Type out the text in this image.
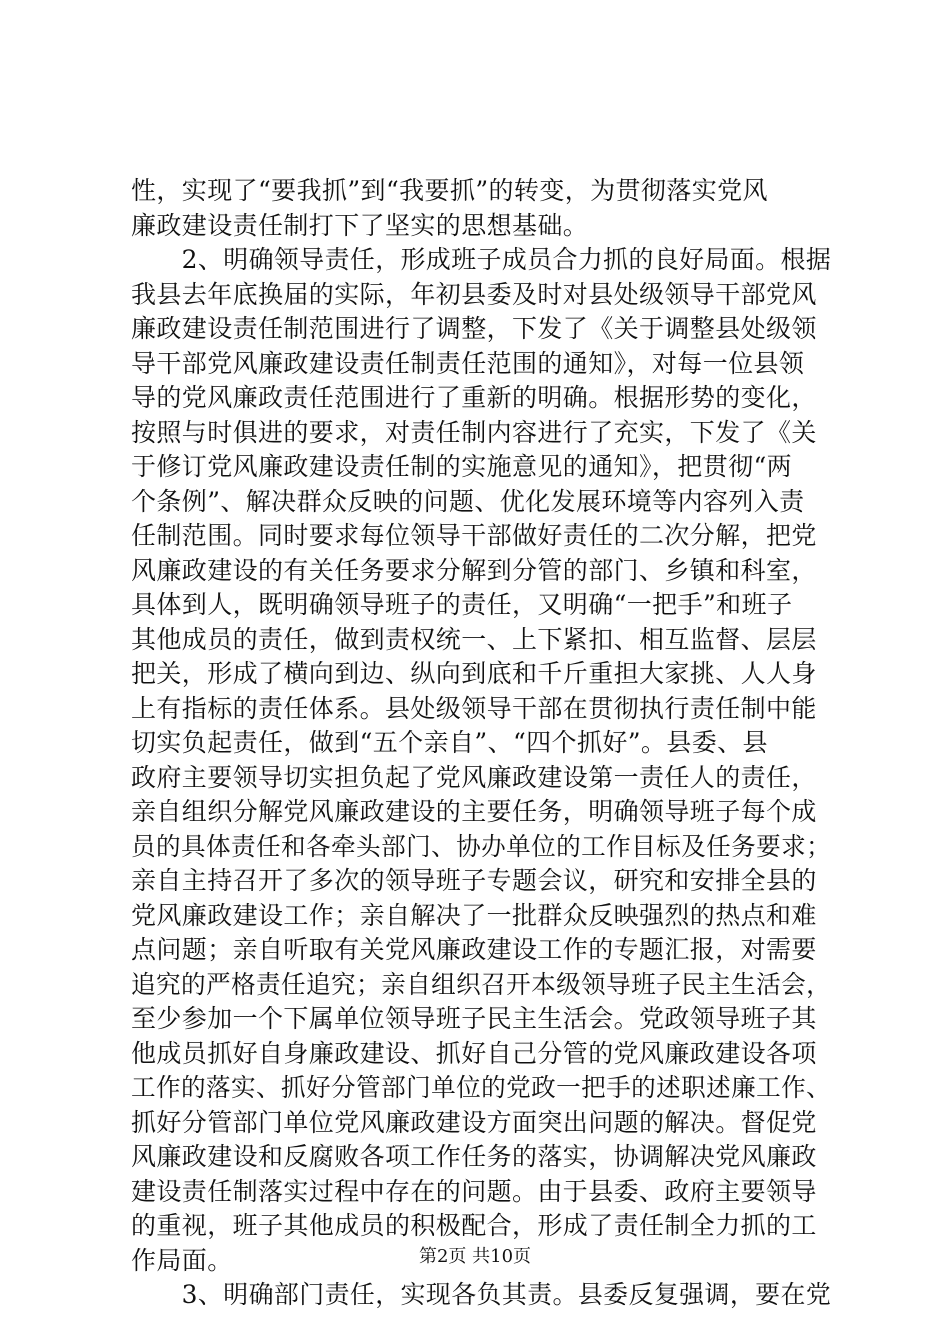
性，实现了“要我抓”到“我要抓”的转变，为贯彻落实党风
廉政建设责任制打下了坚实的思想基础。
　　2、明确领导责任，形成班子成员合力抓的良好局面。根据
我县去年底换届的实际，年初县委及时对县处级领导干部党风
廉政建设责任制范围进行了调整，下发了《关于调整县处级领
导干部党风廉政建设责任制责任范围的通知》，对每一位县领
导的党风廉政责任范围进行了重新的明确。根据形势的变化，
按照与时俱进的要求，对责任制内容进行了充实，下发了《关
于修订党风廉政建设责任制的实施意见的通知》，把贯彻“两
个条例”、解决群众反映的问题、优化发展环境等内容列入责
任制范围。同时要求每位领导干部做好责任的二次分解，把党
风廉政建设的有关任务要求分解到分管的部门、乡镇和科室，
具体到人，既明确领导班子的责任，又明确“一把手”和班子
其他成员的责任，做到责权统一、上下紧扣、相互监督、层层
把关，形成了横向到边、纵向到底和千斤重担大家挑、人人身
上有指标的责任体系。县处级领导干部在贯彻执行责任制中能
切实负起责任，做到“五个亲自”、“四个抓好”。县委、县
政府主要领导切实担负起了党风廉政建设第一责任人的责任，
亲自组织分解党风廉政建设的主要任务，明确领导班子每个成
员的具体责任和各牵头部门、协办单位的工作目标及任务要求；
亲自主持召开了多次的领导班子专题会议，研究和安排全县的
党风廉政建设工作；亲自解决了一批群众反映强烈的热点和难
点问题；亲自听取有关党风廉政建设工作的专题汇报，对需要
追究的严格责任追究；亲自组织召开本级领导班子民主生活会，
至少参加一个下属单位领导班子民主生活会。党政领导班子其
他成员抓好自身廉政建设、抓好自己分管的党风廉政建设各项
工作的落实、抓好分管部门单位的党政一把手的述职述廉工作、
抓好分管部门单位党风廉政建设方面突出问题的解决。督促党
风廉政建设和反腐败各项工作任务的落实，协调解决党风廉政
建设责任制落实过程中存在的问题。由于县委、政府主要领导
的重视，班子其他成员的积极配合，形成了责任制全力抓的工
作局面。
　　3、明确部门责任，实现各负其责。县委反复强调，要在党
第2页 共10页
